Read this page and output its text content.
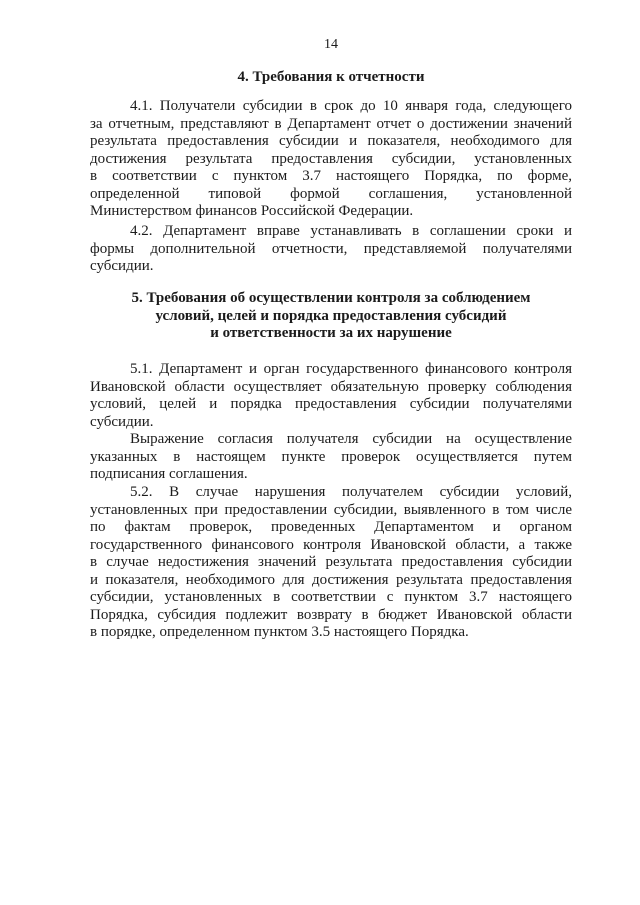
14
4. Требования к отчетности
4.1. Получатели субсидии в срок до 10 января года, следующего
за отчетным, представляют в Департамент отчет о достижении значений
результата предоставления субсидии и показателя, необходимого для
достижения результата предоставления субсидии, установленных
в соответствии с пунктом 3.7 настоящего Порядка, по форме,
определенной типовой формой соглашения, установленной
Министерством финансов Российской Федерации.
4.2. Департамент вправе устанавливать в соглашении сроки и
формы дополнительной отчетности, представляемой получателями
субсидии.
5. Требования об осуществлении контроля за соблюдением
условий, целей и порядка предоставления субсидий
и ответственности за их нарушение
5.1. Департамент и орган государственного финансового контроля
Ивановской области осуществляет обязательную проверку соблюдения
условий, целей и порядка предоставления субсидии получателями
субсидии.
Выражение согласия получателя субсидии на осуществление
указанных в настоящем пункте проверок осуществляется путем
подписания соглашения.
5.2. В случае нарушения получателем субсидии условий,
установленных при предоставлении субсидии, выявленного в том числе
по фактам проверок, проведенных Департаментом и органом
государственного финансового контроля Ивановской области, а также
в случае недостижения значений результата предоставления субсидии
и показателя, необходимого для достижения результата предоставления
субсидии, установленных в соответствии с пунктом 3.7 настоящего
Порядка, субсидия подлежит возврату в бюджет Ивановской области
в порядке, определенном пунктом 3.5 настоящего Порядка.
